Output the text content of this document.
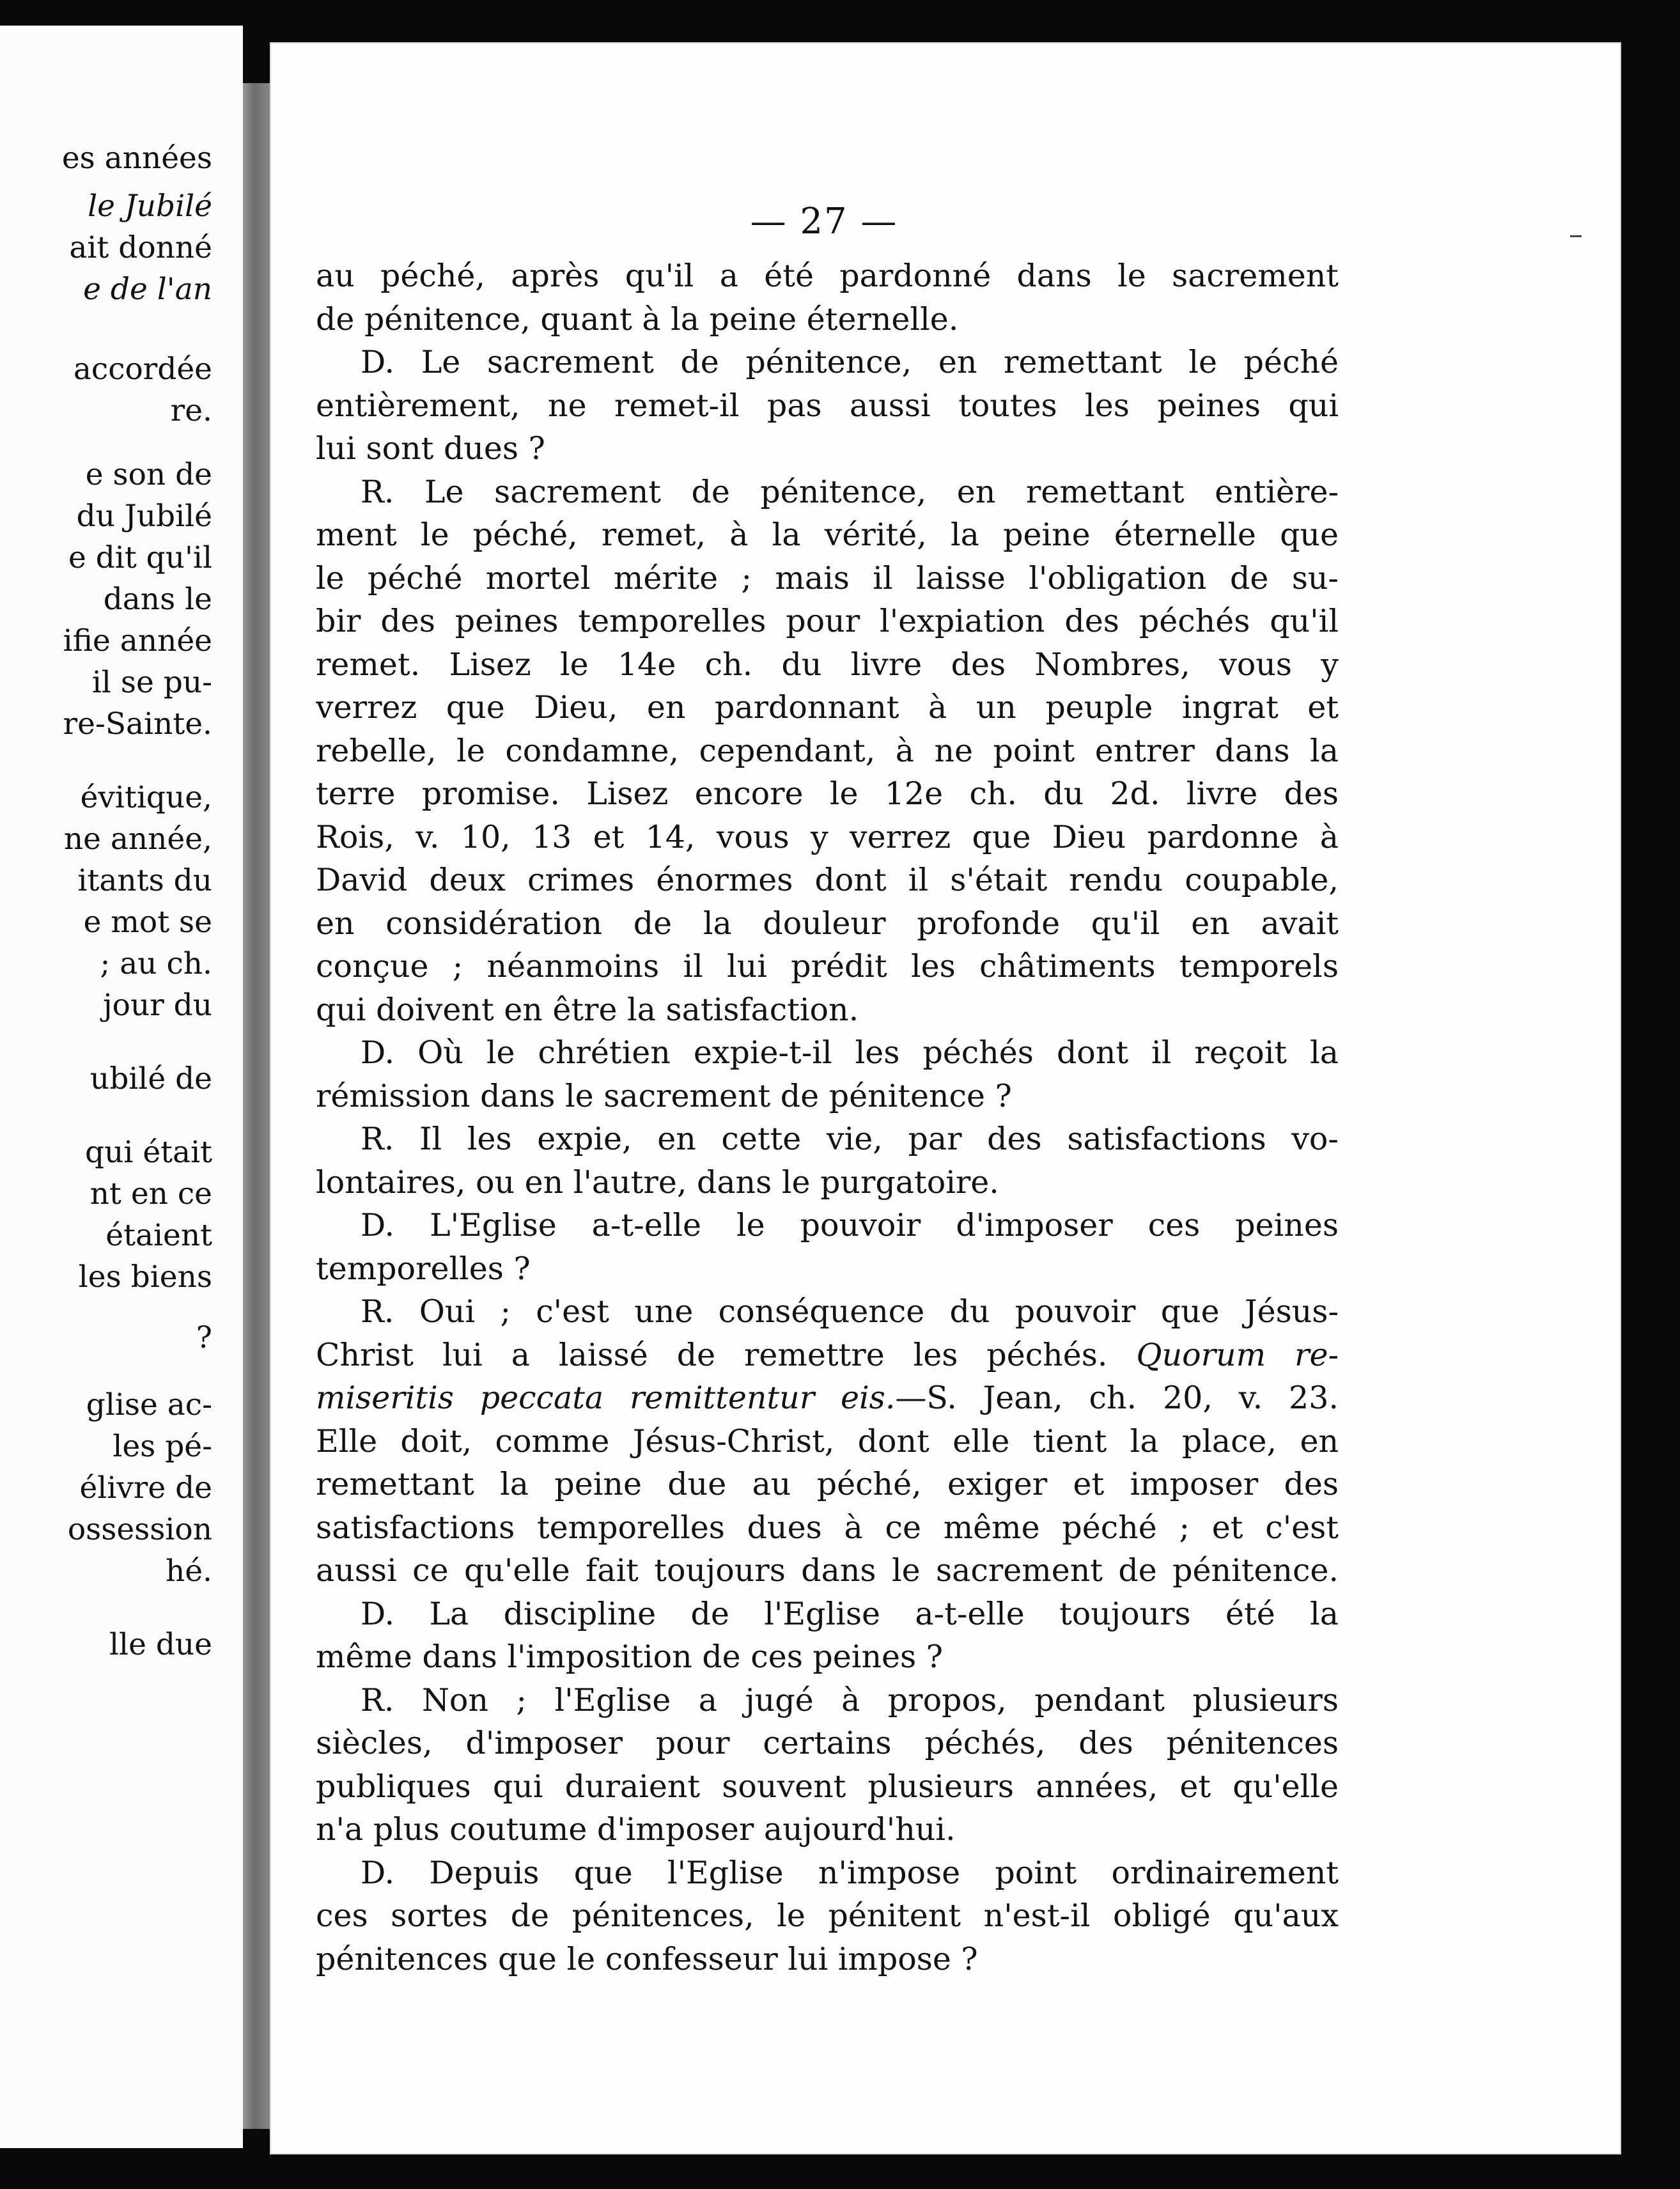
es années
le Jubilé
ait donné
e de l'an
accordée
re.
e son de
du Jubilé
e dit qu'il
dans le
ifie année
il se pu-
re-Sainte.
évitique,
ne année,
itants du
e mot se
; au ch.
jour du
ubilé de
qui était
nt en ce
étaient
les biens
?
glise ac-
les pé-
élivre de
ossession
hé.
lle due
— 27 —
au péché, après qu'il a été pardonné dans le sacrement
de pénitence, quant à la peine éternelle.
D. Le sacrement de pénitence, en remettant le péché
entièrement, ne remet-il pas aussi toutes les peines qui
lui sont dues ?
R. Le sacrement de pénitence, en remettant entière-
ment le péché, remet, à la vérité, la peine éternelle que
le péché mortel mérite ; mais il laisse l'obligation de su-
bir des peines temporelles pour l'expiation des péchés qu'il
remet. Lisez le 14e ch. du livre des Nombres, vous y
verrez que Dieu, en pardonnant à un peuple ingrat et
rebelle, le condamne, cependant, à ne point entrer dans la
terre promise. Lisez encore le 12e ch. du 2d. livre des
Rois, v. 10, 13 et 14, vous y verrez que Dieu pardonne à
David deux crimes énormes dont il s'était rendu coupable,
en considération de la douleur profonde qu'il en avait
conçue ; néanmoins il lui prédit les châtiments temporels
qui doivent en être la satisfaction.
D. Où le chrétien expie-t-il les péchés dont il reçoit la
rémission dans le sacrement de pénitence ?
R. Il les expie, en cette vie, par des satisfactions vo-
lontaires, ou en l'autre, dans le purgatoire.
D. L'Eglise a-t-elle le pouvoir d'imposer ces peines
temporelles ?
R. Oui ; c'est une conséquence du pouvoir que Jésus-
Christ lui a laissé de remettre les péchés. Quorum re-
miseritis peccata remittentur eis.—S. Jean, ch. 20, v. 23.
Elle doit, comme Jésus-Christ, dont elle tient la place, en
remettant la peine due au péché, exiger et imposer des
satisfactions temporelles dues à ce même péché ; et c'est
aussi ce qu'elle fait toujours dans le sacrement de pénitence.
D. La discipline de l'Eglise a-t-elle toujours été la
même dans l'imposition de ces peines ?
R. Non ; l'Eglise a jugé à propos, pendant plusieurs
siècles, d'imposer pour certains péchés, des pénitences
publiques qui duraient souvent plusieurs années, et qu'elle
n'a plus coutume d'imposer aujourd'hui.
D. Depuis que l'Eglise n'impose point ordinairement
ces sortes de pénitences, le pénitent n'est-il obligé qu'aux
pénitences que le confesseur lui impose ?
